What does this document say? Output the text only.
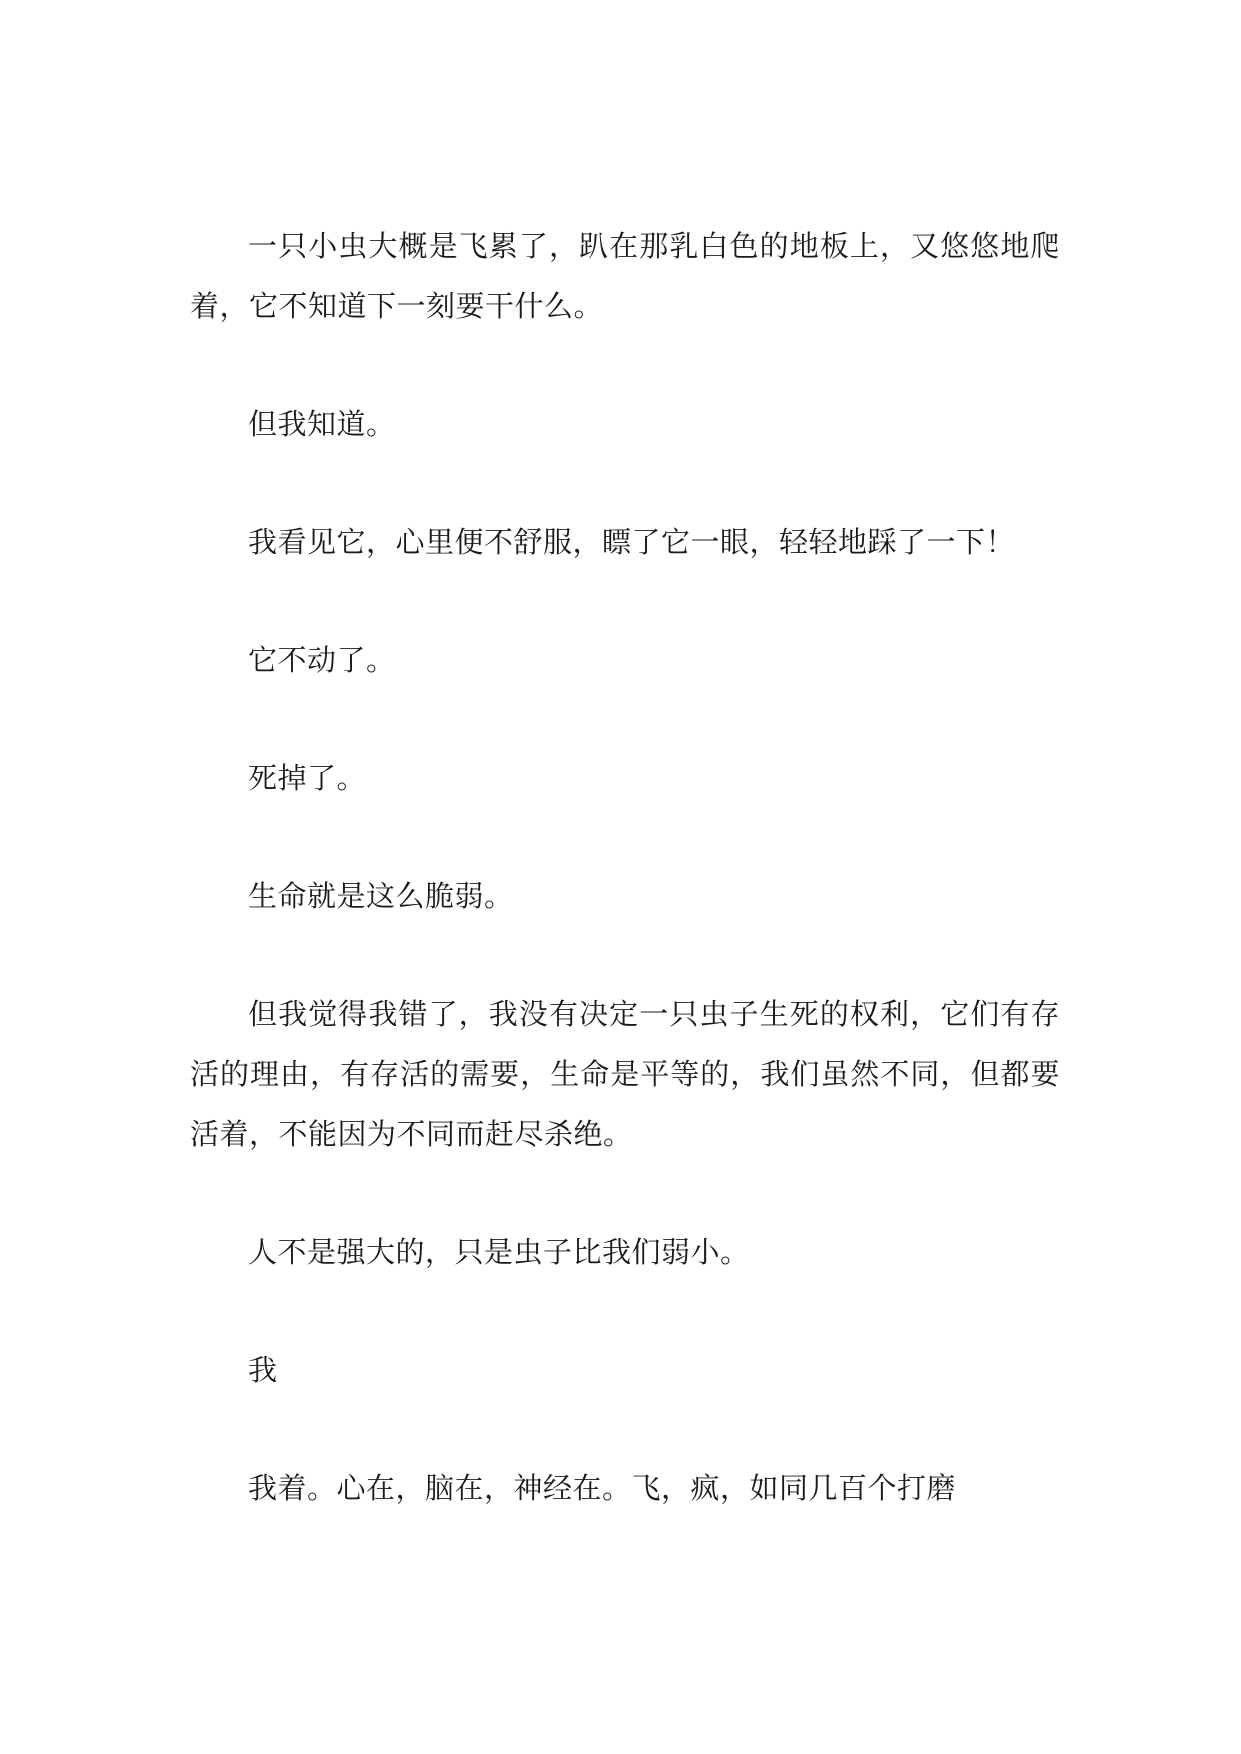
一只小虫大概是飞累了，趴在那乳白色的地板上，又悠悠地爬着，它不知道下一刻要干什么。

但我知道。

我看见它，心里便不舒服，瞟了它一眼，轻轻地踩了一下！

它不动了。

死掉了。

生命就是这么脆弱。

但我觉得我错了，我没有决定一只虫子生死的权利，它们有存活的理由，有存活的需要，生命是平等的，我们虽然不同，但都要活着，不能因为不同而赶尽杀绝。

人不是强大的，只是虫子比我们弱小。

我

我着。心在，脑在，神经在。飞，疯，如同几百个打磨
